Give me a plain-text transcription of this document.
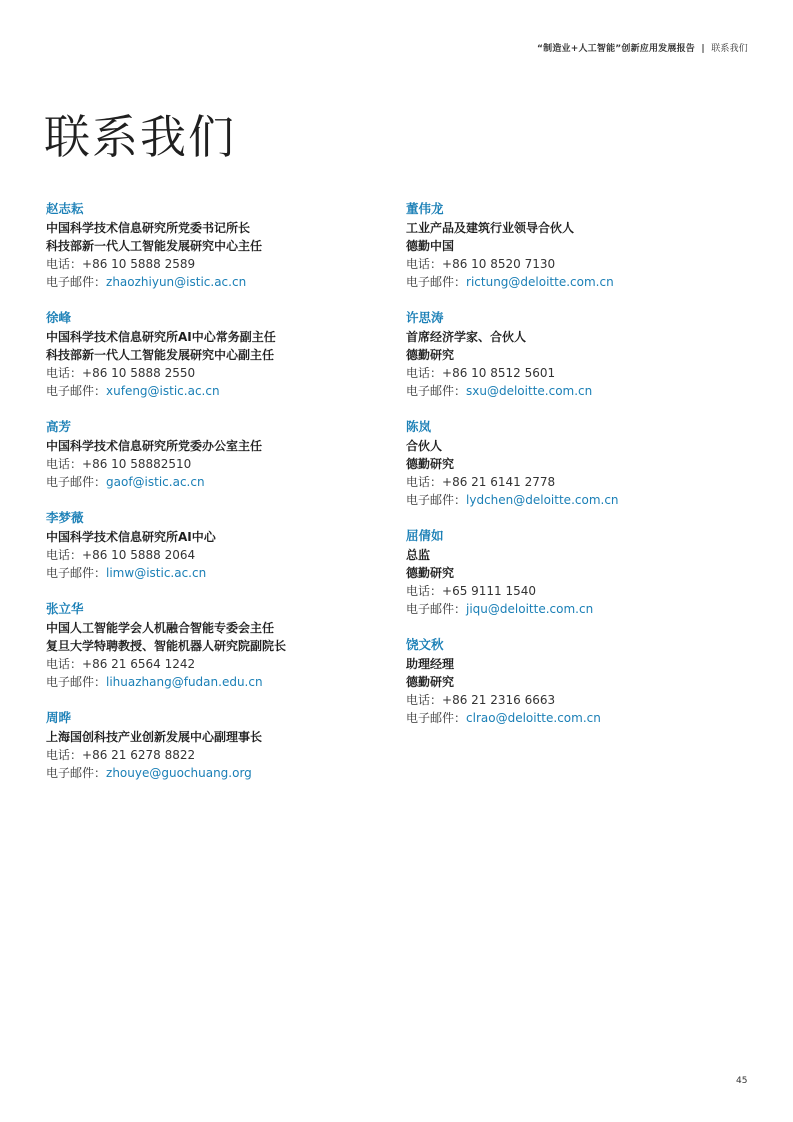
“制造业+人工智能”创新应用发展报告 | 联系我们
联系我们
赵志耘
中国科学技术信息研究所党委书记所长
科技部新一代人工智能发展研究中心主任
电话：+86 10 5888 2589
电子邮件：zhaozhiyun@istic.ac.cn
徐峰
中国科学技术信息研究所AI中心常务副主任
科技部新一代人工智能发展研究中心副主任
电话：+86 10 5888 2550
电子邮件：xufeng@istic.ac.cn
高芳
中国科学技术信息研究所党委办公室主任
电话：+86 10 58882510
电子邮件：gaof@istic.ac.cn
李梦薇
中国科学技术信息研究所AI中心
电话：+86 10 5888 2064
电子邮件：limw@istic.ac.cn
张立华
中国人工智能学会人机融合智能专委会主任
复旦大学特聘教授、智能机器人研究院副院长
电话：+86 21 6564 1242
电子邮件：lihuazhang@fudan.edu.cn
周晔
上海国创科技产业创新发展中心副理事长
电话：+86 21 6278 8822
电子邮件：zhouye@guochuang.org
董伟龙
工业产品及建筑行业领导合伙人
德勤中国
电话：+86 10 8520 7130
电子邮件：rictung@deloitte.com.cn
许思涛
首席经济学家、合伙人
德勤研究
电话：+86 10 8512 5601
电子邮件：sxu@deloitte.com.cn
陈岚
合伙人
德勤研究
电话：+86 21 6141 2778
电子邮件：lydchen@deloitte.com.cn
屈倩如
总监
德勤研究
电话：+65 9111 1540
电子邮件：jiqu@deloitte.com.cn
饶文秋
助理经理
德勤研究
电话：+86 21 2316 6663
电子邮件：clrao@deloitte.com.cn
45
